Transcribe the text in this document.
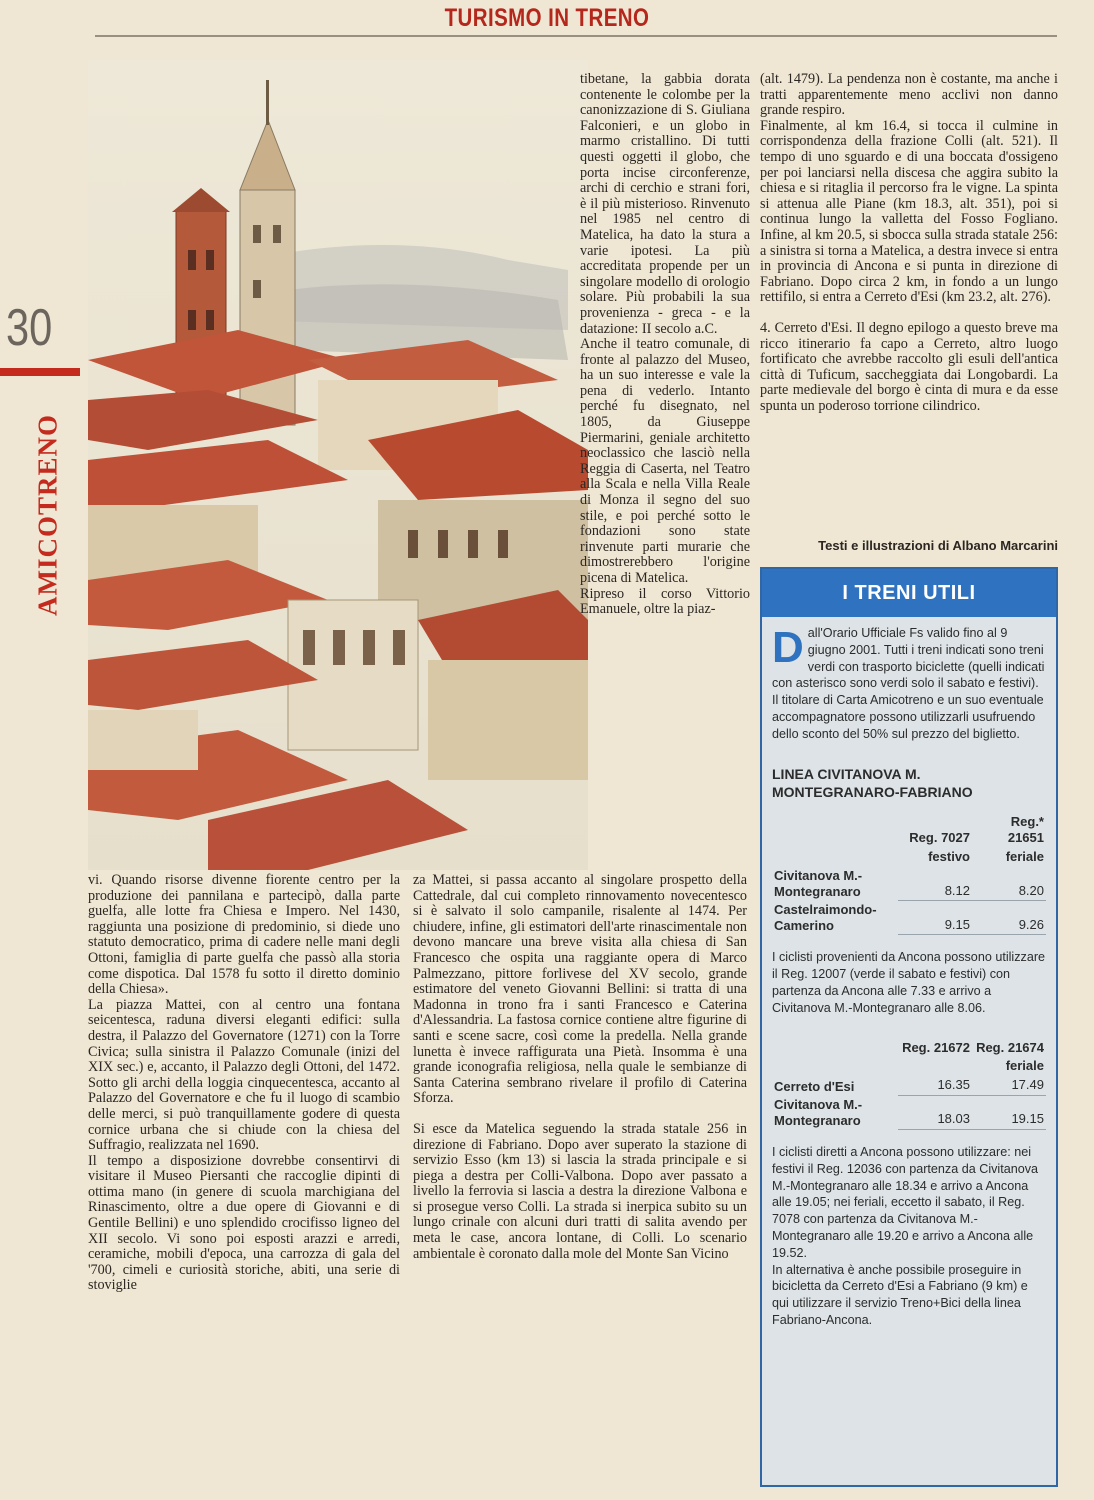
TURISMO IN TRENO
30
AMICOTRENO

tibetane, la gabbia dorata contenente le colombe per la canonizzazione di S. Giuliana Falconieri, e un globo in marmo cristallino. Di tutti questi oggetti il globo, che porta incise circonferenze, archi di cerchio e strani fori, è il più misterioso. Rinvenuto nel 1985 nel centro di Matelica, ha dato la stura a varie ipotesi. La più accreditata propende per un singolare modello di orologio solare. Più probabili la sua provenienza - greca - e la datazione: II secolo a.C.

Anche il teatro comunale, di fronte al palazzo del Museo, ha un suo interesse e vale la pena di vederlo. Intanto perché fu disegnato, nel 1805, da Giuseppe Piermarini, geniale architetto neoclassico che lasciò nella Reggia di Caserta, nel Teatro alla Scala e nella Villa Reale di Monza il segno del suo stile, e poi perché sotto le fondazioni sono state rinvenute parti murarie che dimostrerebbero l'origine picena di Matelica.

Ripreso il corso Vittorio Emanuele, oltre la piaz-

vi. Quando risorse divenne fiorente centro per la produzione dei pannilana e partecipò, dalla parte guelfa, alle lotte fra Chiesa e Impero. Nel 1430, raggiunta una posizione di predominio, si diede uno statuto democratico, prima di cadere nelle mani degli Ottoni, famiglia di parte guelfa che passò alla storia come dispotica. Dal 1578 fu sotto il diretto dominio della Chiesa».

La piazza Mattei, con al centro una fontana seicentesca, raduna diversi eleganti edifici: sulla destra, il Palazzo del Governatore (1271) con la Torre Civica; sulla sinistra il Palazzo Comunale (inizi del XIX sec.) e, accanto, il Palazzo degli Ottoni, del 1472. Sotto gli archi della loggia cinquecentesca, accanto al Palazzo del Governatore e che fu il luogo di scambio delle merci, si può tranquillamente godere di questa cornice urbana che si chiude con la chiesa del Suffragio, realizzata nel 1690.

Il tempo a disposizione dovrebbe consentirvi di visitare il Museo Piersanti che raccoglie dipinti di ottima mano (in genere di scuola marchigiana del Rinascimento, oltre a due opere di Giovanni e di Gentile Bellini) e uno splendido crocifisso ligneo del XII secolo. Vi sono poi esposti arazzi e arredi, ceramiche, mobili d'epoca, una carrozza di gala del '700, cimeli e curiosità storiche, abiti, una serie di stoviglie

za Mattei, si passa accanto al singolare prospetto della Cattedrale, dal cui completo rinnovamento novecentesco si è salvato il solo campanile, risalente al 1474. Per chiudere, infine, gli estimatori dell'arte rinascimentale non devono mancare una breve visita alla chiesa di San Francesco che ospita una raggiante opera di Marco Palmezzano, pittore forlivese del XV secolo, grande estimatore del veneto Giovanni Bellini: si tratta di una Madonna in trono fra i santi Francesco e Caterina d'Alessandria. La fastosa cornice contiene altre figurine di santi e scene sacre, così come la predella. Nella grande lunetta è invece raffigurata una Pietà. Insomma è una grande iconografia religiosa, nella quale le sembianze di Santa Caterina sembrano rivelare il profilo di Caterina Sforza.

Si esce da Matelica seguendo la strada statale 256 in direzione di Fabriano. Dopo aver superato la stazione di servizio Esso (km 13) si lascia la strada principale e si piega a destra per Colli-Valbona. Dopo aver passato a livello la ferrovia si lascia a destra la direzione Valbona e si prosegue verso Colli. La strada si inerpica subito su un lungo crinale con alcuni duri tratti di salita avendo per meta le case, ancora lontane, di Colli. Lo scenario ambientale è coronato dalla mole del Monte San Vicino

(alt. 1479). La pendenza non è costante, ma anche i tratti apparentemente meno acclivi non danno grande respiro.

Finalmente, al km 16.4, si tocca il culmine in corrispondenza della frazione Colli (alt. 521). Il tempo di uno sguardo e di una boccata d'ossigeno per poi lanciarsi nella discesa che aggira subito la chiesa e si ritaglia il percorso fra le vigne. La spinta si attenua alle Piane (km 18.3, alt. 351), poi si continua lungo la valletta del Fosso Fogliano. Infine, al km 20.5, si sbocca sulla strada statale 256: a sinistra si torna a Matelica, a destra invece si entra in provincia di Ancona e si punta in direzione di Fabriano. Dopo circa 2 km, in fondo a un lungo rettifilo, si entra a Cerreto d'Esi (km 23.2, alt. 276).

4. Cerreto d'Esi. Il degno epilogo a questo breve ma ricco itinerario fa capo a Cerreto, altro luogo fortificato che avrebbe raccolto gli esuli dell'antica città di Tuficum, saccheggiata dai Longobardi. La parte medievale del borgo è cinta di mura e da esse spunta un poderoso torrione cilindrico.

Testi e illustrazioni di Albano Marcarini
I TRENI UTILI

Dall'Orario Ufficiale Fs valido fino al 9 giugno 2001. Tutti i treni indicati sono treni verdi con trasporto biciclette (quelli indicati con asterisco sono verdi solo il sabato e festivi). Il titolare di Carta Amicotreno e un suo eventuale accompagnatore possono utilizzarli usufruendo dello sconto del 50% sul prezzo del biglietto.

LINEA CIVITANOVA M. MONTEGRANARO-FABRIANO

	Reg. 7027	Reg.* 21651
	festivo	feriale
Civitanova M.-Montegranaro	8.12	8.20
Castelraimondo-Camerino	9.15	9.26

I ciclisti provenienti da Ancona possono utilizzare il Reg. 12007 (verde il sabato e festivi) con partenza da Ancona alle 7.33 e arrivo a Civitanova M.-Montegranaro alle 8.06.

	Reg. 21672	Reg. 21674
		feriale
Cerreto d'Esi	16.35	17.49
Civitanova M.-Montegranaro	18.03	19.15

I ciclisti diretti a Ancona possono utilizzare: nei festivi il Reg. 12036 con partenza da Civitanova M.-Montegranaro alle 18.34 e arrivo a Ancona alle 19.05; nei feriali, eccetto il sabato, il Reg. 7078 con partenza da Civitanova M.-Montegranaro alle 19.20 e arrivo a Ancona alle 19.52.

In alternativa è anche possibile proseguire in bicicletta da Cerreto d'Esi a Fabriano (9 km) e qui utilizzare il servizio Treno+Bici della linea Fabriano-Ancona.
